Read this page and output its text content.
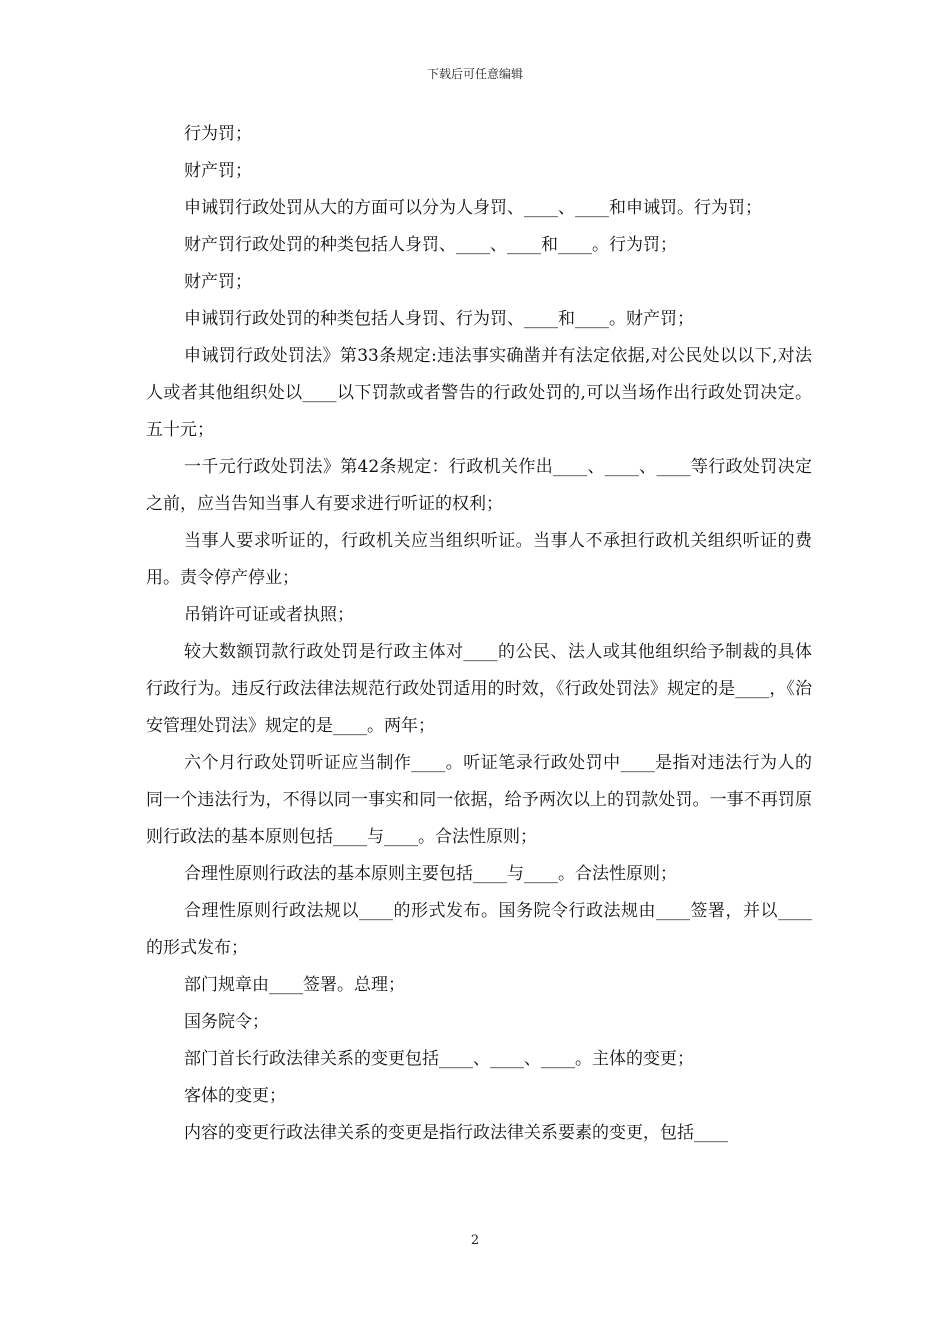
下载后可任意编辑

行为罚；

财产罚；

申诫罚行政处罚从大的方面可以分为人身罚、____、____和申诫罚。行为罚；

财产罚行政处罚的种类包括人身罚、____、____和____。行为罚；

财产罚；

申诫罚行政处罚的种类包括人身罚、行为罚、____和____。财产罚；

申诫罚行政处罚法》第33条规定:违法事实确凿并有法定依据,对公民处以以下,对法人或者其他组织处以____以下罚款或者警告的行政处罚的,可以当场作出行政处罚决定。五十元；

一千元行政处罚法》第42条规定：行政机关作出____、____、____等行政处罚决定之前，应当告知当事人有要求进行听证的权利；

当事人要求听证的，行政机关应当组织听证。当事人不承担行政机关组织听证的费用。责令停产停业；

吊销许可证或者执照；

较大数额罚款行政处罚是行政主体对____的公民、法人或其他组织给予制裁的具体行政行为。违反行政法律法规范行政处罚适用的时效，《行政处罚法》规定的是____，《治安管理处罚法》规定的是____。两年；

六个月行政处罚听证应当制作____。听证笔录行政处罚中____是指对违法行为人的同一个违法行为，不得以同一事实和同一依据，给予两次以上的罚款处罚。一事不再罚原则行政法的基本原则包括____与____。合法性原则；

合理性原则行政法的基本原则主要包括____与____。合法性原则；

合理性原则行政法规以____的形式发布。国务院令行政法规由____签署，并以____的形式发布；

部门规章由____签署。总理；

国务院令；

部门首长行政法律关系的变更包括____、____、____。主体的变更；

客体的变更；

内容的变更行政法律关系的变更是指行政法律关系要素的变更，包括____

2
